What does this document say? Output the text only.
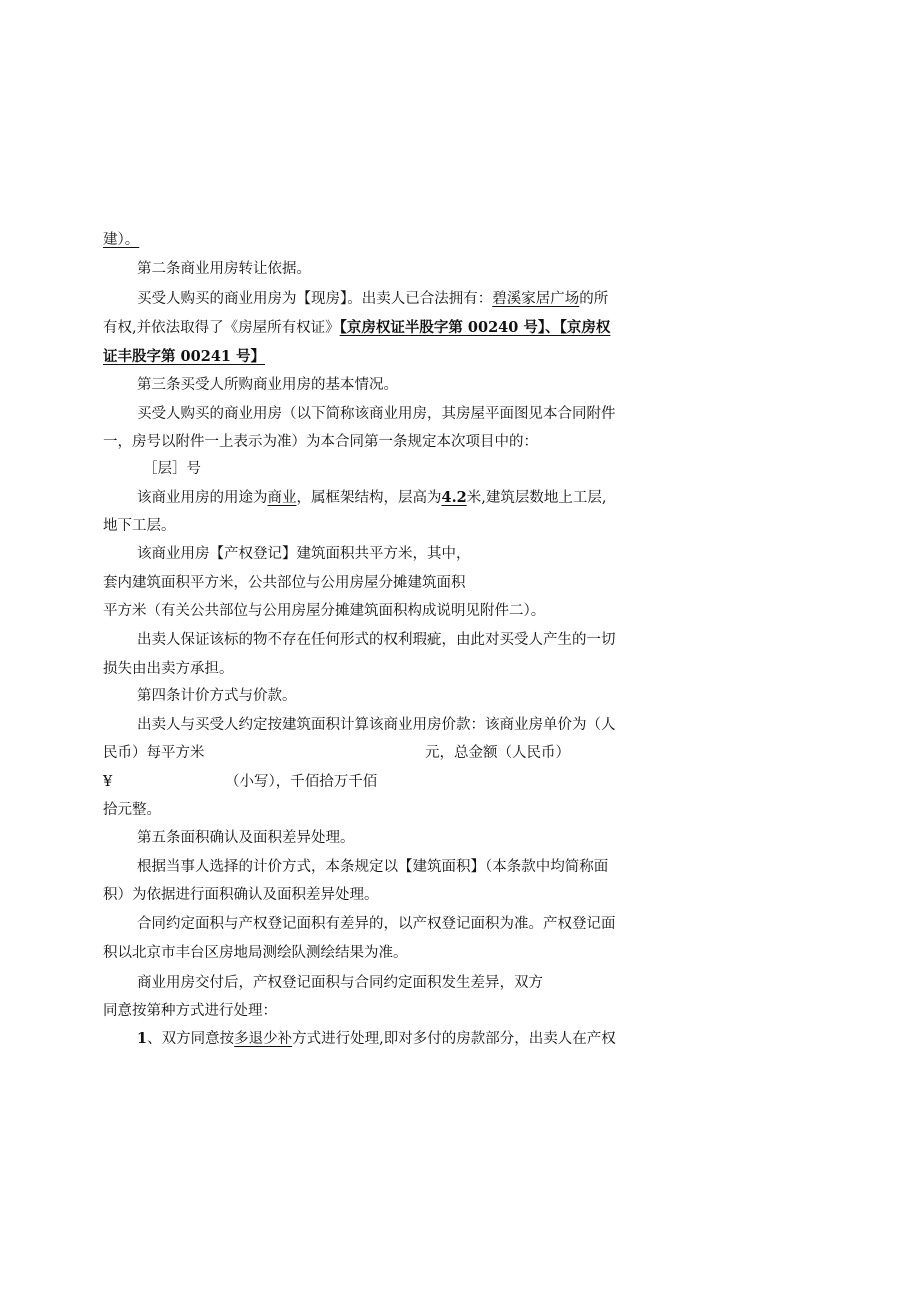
建）。
第二条商业用房转让依据。
买受人购买的商业用房为【现房】。出卖人已合法拥有：碧溪家居广场的所
有权,并依法取得了《房屋所有权证》【京房权证半股字第 00240 号】、【京房权
证丰股字第 00241 号】
第三条买受人所购商业用房的基本情况。
买受人购买的商业用房（以下简称该商业用房，其房屋平面图见本合同附件
一，房号以附件一上表示为准）为本合同第一条规定本次项目中的：
［层］号
该商业用房的用途为商业，属框架结构，层高为4.2米,建筑层数地上工层,
地下工层。
该商业用房【产权登记】建筑面积共平方米，其中，
套内建筑面积平方米，公共部位与公用房屋分摊建筑面积
平方米（有关公共部位与公用房屋分摊建筑面积构成说明见附件二）。
出卖人保证该标的物不存在任何形式的权利瑕疵，由此对买受人产生的一切
损失由出卖方承担。
第四条计价方式与价款。
出卖人与买受人约定按建筑面积计算该商业用房价款：该商业房单价为（人
民币）每平方米	元，总金额（人民币）
¥	（小写），千佰拾万千佰
拾元整。
第五条面积确认及面积差异处理。
根据当事人选择的计价方式，本条规定以【建筑面积】（本条款中均简称面
积）为依据进行面积确认及面积差异处理。
合同约定面积与产权登记面积有差异的，以产权登记面积为准。产权登记面
积以北京市丰台区房地局测绘队测绘结果为准。
商业用房交付后，产权登记面积与合同约定面积发生差异，双方
同意按第种方式进行处理：
1、双方同意按多退少补方式进行处理,即对多付的房款部分，出卖人在产权
